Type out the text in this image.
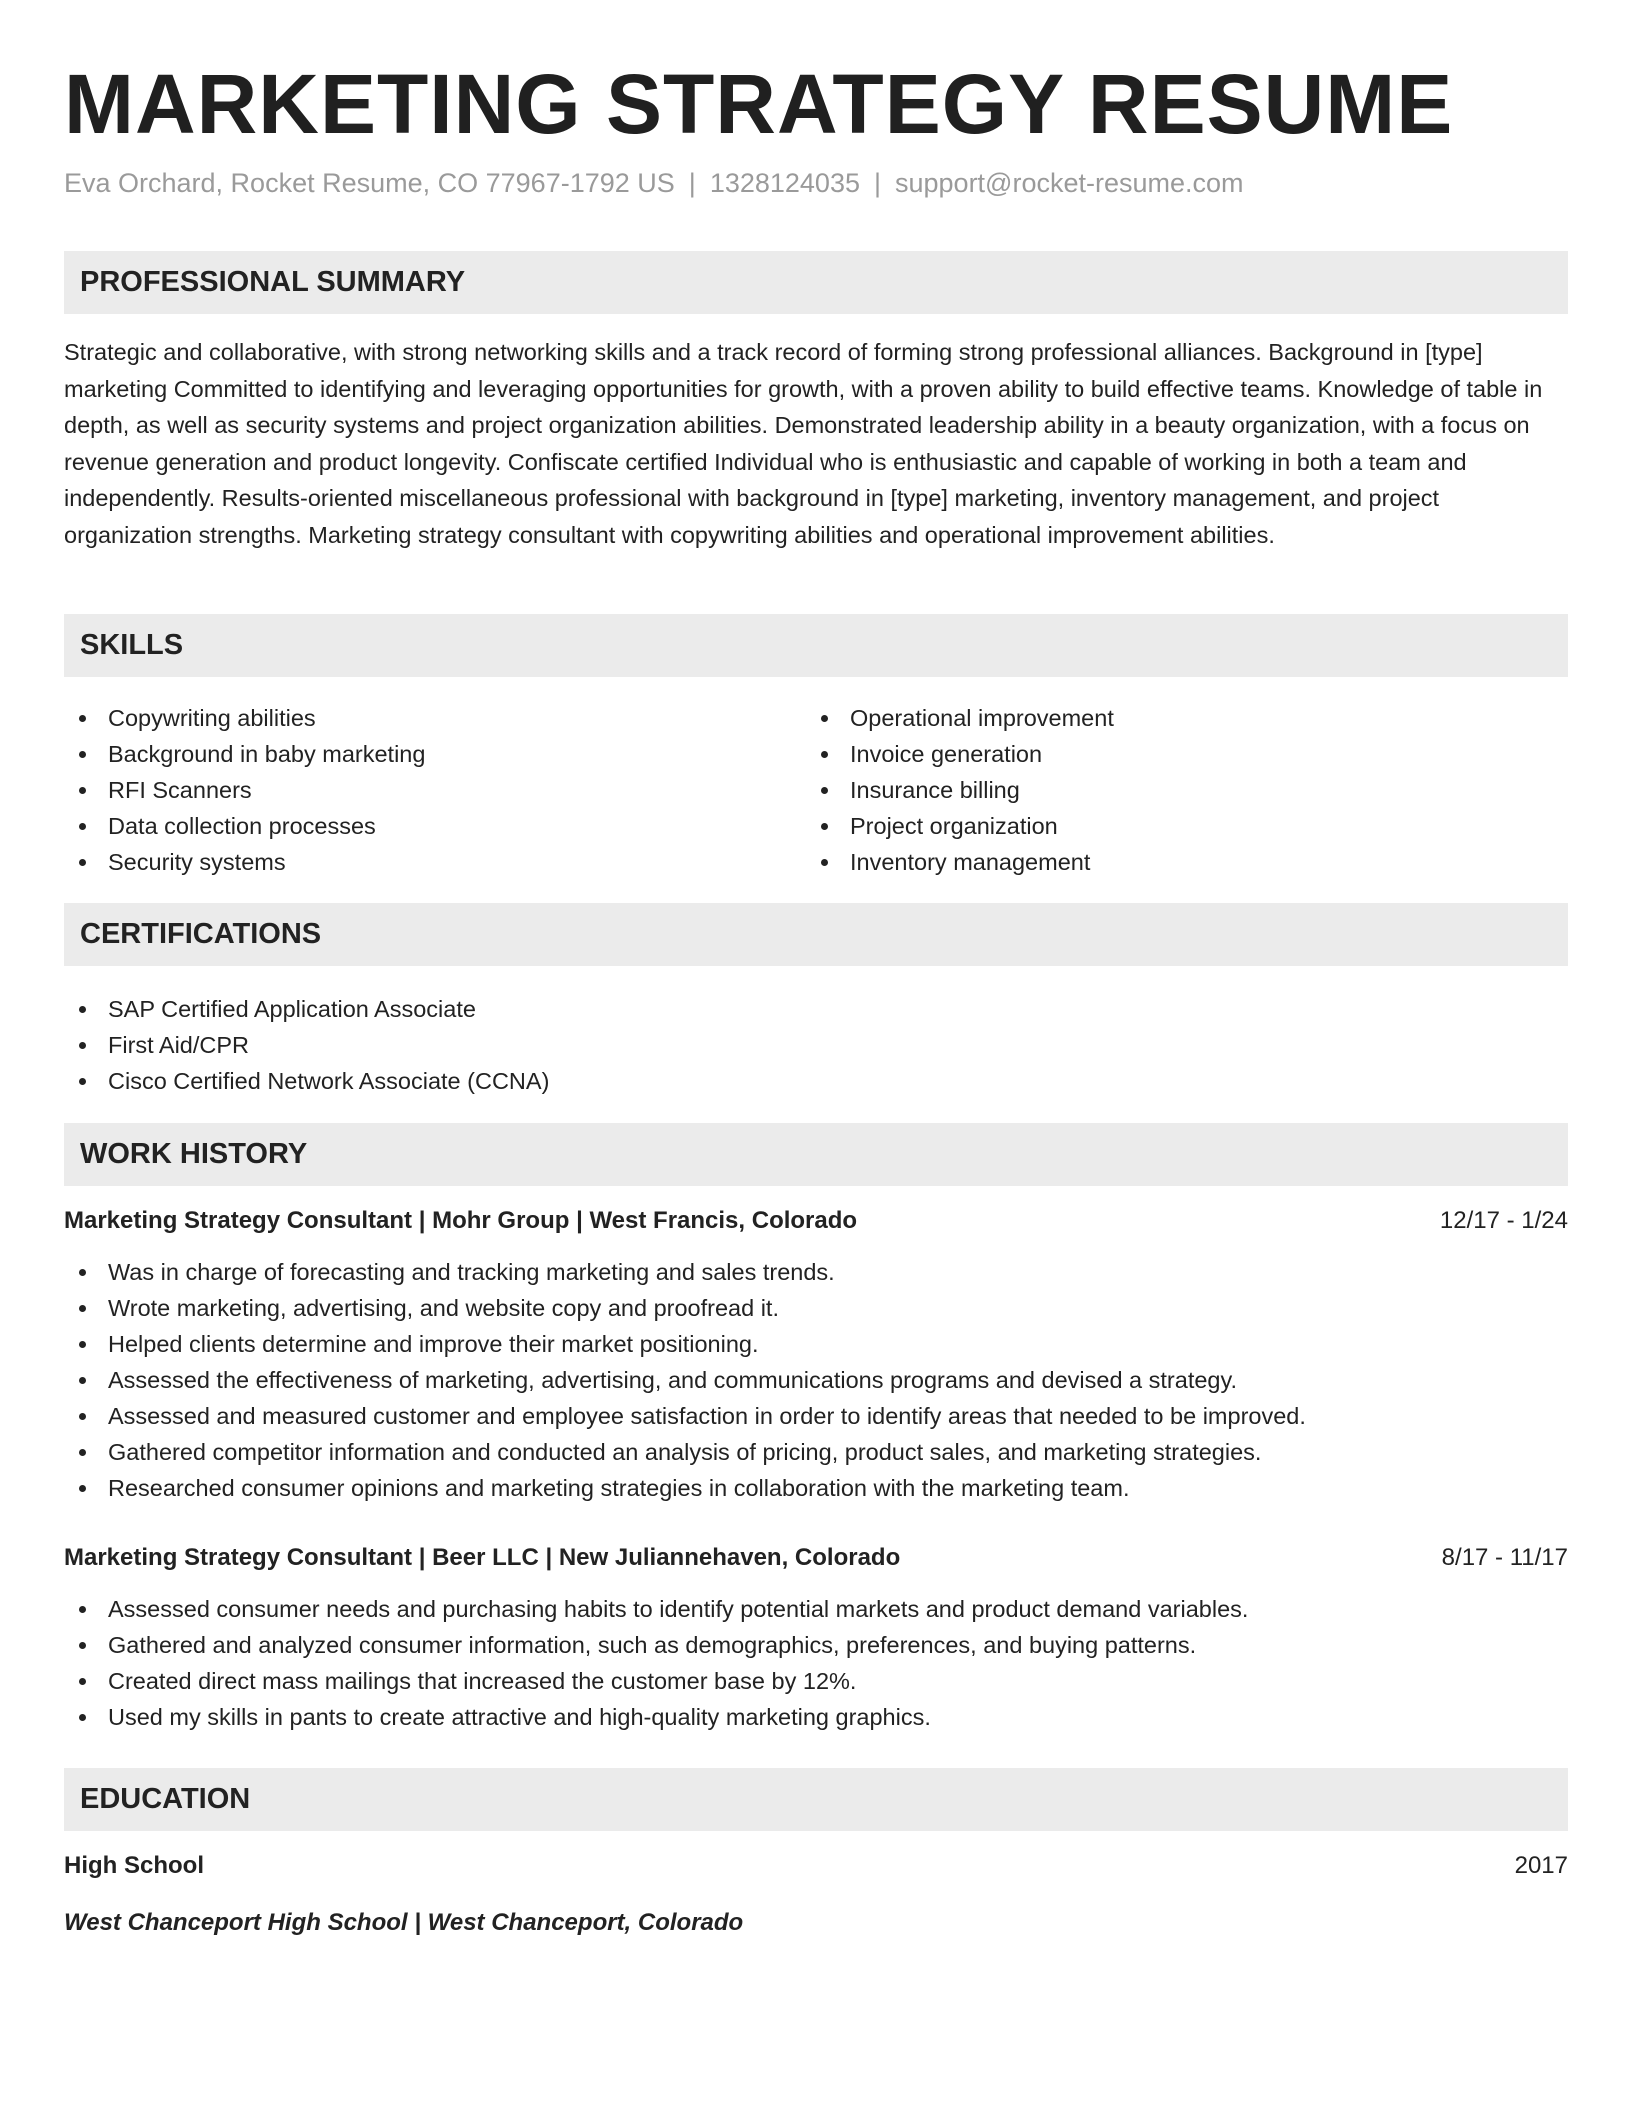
MARKETING STRATEGY RESUME
Eva Orchard, Rocket Resume, CO 77967-1792 US | 1328124035 | support@rocket-resume.com
PROFESSIONAL SUMMARY

Strategic and collaborative, with strong networking skills and a track record of forming strong professional alliances. Background in [type] marketing Committed to identifying and leveraging opportunities for growth, with a proven ability to build effective teams. Knowledge of table in depth, as well as security systems and project organization abilities. Demonstrated leadership ability in a beauty organization, with a focus on revenue generation and product longevity. Confiscate certified Individual who is enthusiastic and capable of working in both a team and independently. Results-oriented miscellaneous professional with background in [type] marketing, inventory management, and project organization strengths. Marketing strategy consultant with copywriting abilities and operational improvement abilities.

SKILLS
Copywriting abilities
Background in baby marketing
RFI Scanners
Data collection processes
Security systems
Operational improvement
Invoice generation
Insurance billing
Project organization
Inventory management
CERTIFICATIONS
SAP Certified Application Associate
First Aid/CPR
Cisco Certified Network Associate (CCNA)
WORK HISTORY
Marketing Strategy Consultant | Mohr Group | West Francis, Colorado	12/17 - 1/24
Was in charge of forecasting and tracking marketing and sales trends.
Wrote marketing, advertising, and website copy and proofread it.
Helped clients determine and improve their market positioning.
Assessed the effectiveness of marketing, advertising, and communications programs and devised a strategy.
Assessed and measured customer and employee satisfaction in order to identify areas that needed to be improved.
Gathered competitor information and conducted an analysis of pricing, product sales, and marketing strategies.
Researched consumer opinions and marketing strategies in collaboration with the marketing team.
Marketing Strategy Consultant | Beer LLC | New Juliannehaven, Colorado	8/17 - 11/17
Assessed consumer needs and purchasing habits to identify potential markets and product demand variables.
Gathered and analyzed consumer information, such as demographics, preferences, and buying patterns.
Created direct mass mailings that increased the customer base by 12%.
Used my skills in pants to create attractive and high-quality marketing graphics.
EDUCATION
High School	2017
West Chanceport High School | West Chanceport, Colorado
